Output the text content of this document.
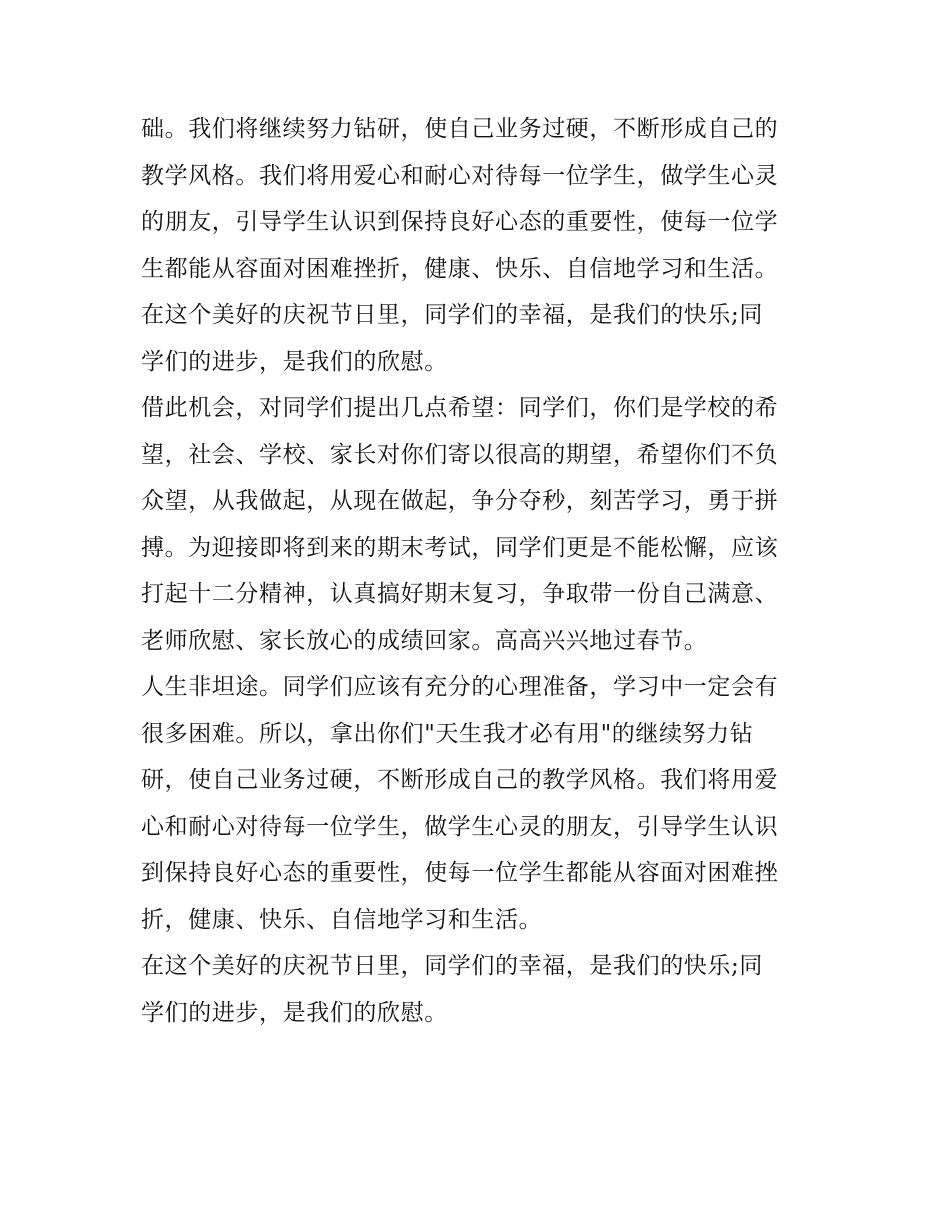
础。我们将继续努力钻研，使自己业务过硬，不断形成自己的
教学风格。我们将用爱心和耐心对待每一位学生，做学生心灵
的朋友，引导学生认识到保持良好心态的重要性，使每一位学
生都能从容面对困难挫折，健康、快乐、自信地学习和生活。
在这个美好的庆祝节日里，同学们的幸福，是我们的快乐;同
学们的进步，是我们的欣慰。
借此机会，对同学们提出几点希望：同学们，你们是学校的希
望，社会、学校、家长对你们寄以很高的期望，希望你们不负
众望，从我做起，从现在做起，争分夺秒，刻苦学习，勇于拼
搏。为迎接即将到来的期末考试，同学们更是不能松懈，应该
打起十二分精神，认真搞好期末复习，争取带一份自己满意、
老师欣慰、家长放心的成绩回家。高高兴兴地过春节。
人生非坦途。同学们应该有充分的心理准备，学习中一定会有
很多困难。所以，拿出你们"天生我才必有用"的继续努力钻
研，使自己业务过硬，不断形成自己的教学风格。我们将用爱
心和耐心对待每一位学生，做学生心灵的朋友，引导学生认识
到保持良好心态的重要性，使每一位学生都能从容面对困难挫
折，健康、快乐、自信地学习和生活。
在这个美好的庆祝节日里，同学们的幸福，是我们的快乐;同
学们的进步，是我们的欣慰。
